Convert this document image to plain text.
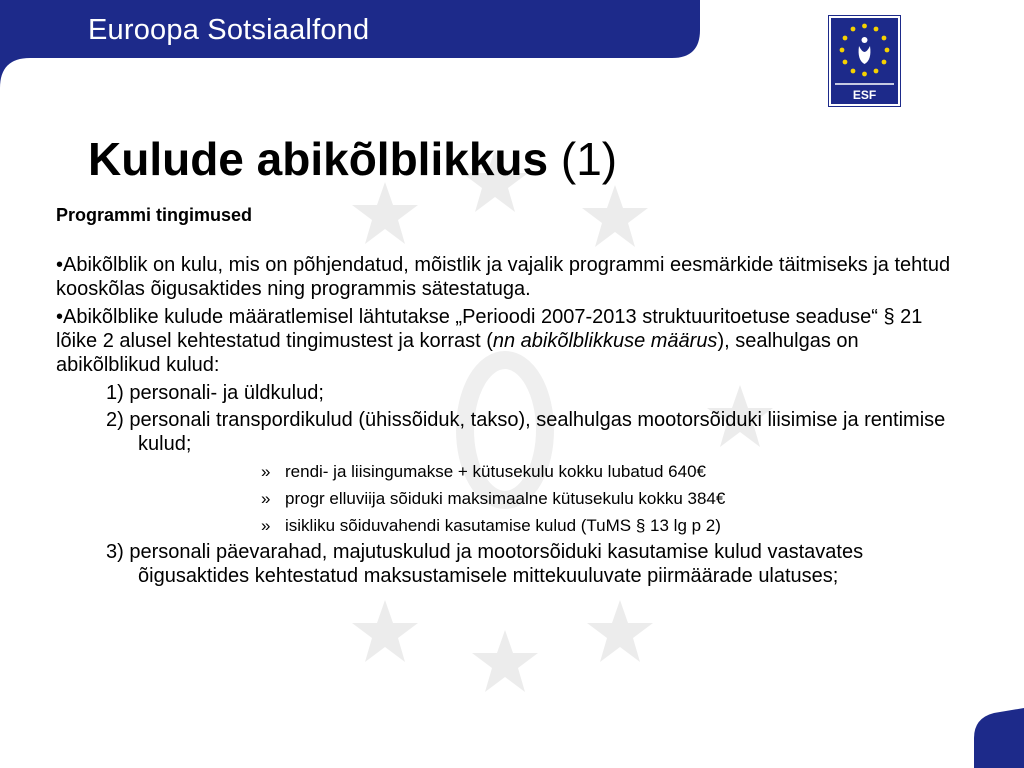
Euroopa Sotsiaalfond
ESF
Kulude abikõlblikkus (1)
Programmi tingimused
•Abikõlblik on kulu, mis on põhjendatud, mõistlik ja vajalik programmi eesmärkide täitmiseks ja tehtud kooskõlas õigusaktides ning programmis sätestatuga.
•Abikõlblike kulude määratlemisel lähtutakse „Perioodi 2007-2013 struktuuritoetuse seaduse“ § 21 lõike 2 alusel kehtestatud tingimustest ja korrast (nn abikõlblikkuse määrus), sealhulgas on abikõlblikud kulud:
1) personali- ja üldkulud;
2) personali transpordikulud (ühissõiduk, takso), sealhulgas mootorsõiduki liisimise ja rentimise kulud;
» rendi- ja liisingumakse + kütusekulu kokku lubatud 640€
» progr elluviija sõiduki maksimaalne kütusekulu kokku 384€
» isikliku sõiduvahendi kasutamise kulud (TuMS § 13 lg p 2)
3) personali päevarahad, majutuskulud ja mootorsõiduki kasutamise kulud vastavates õigusaktides kehtestatud maksustamisele mittekuuluvate piirmäärade ulatuses;
